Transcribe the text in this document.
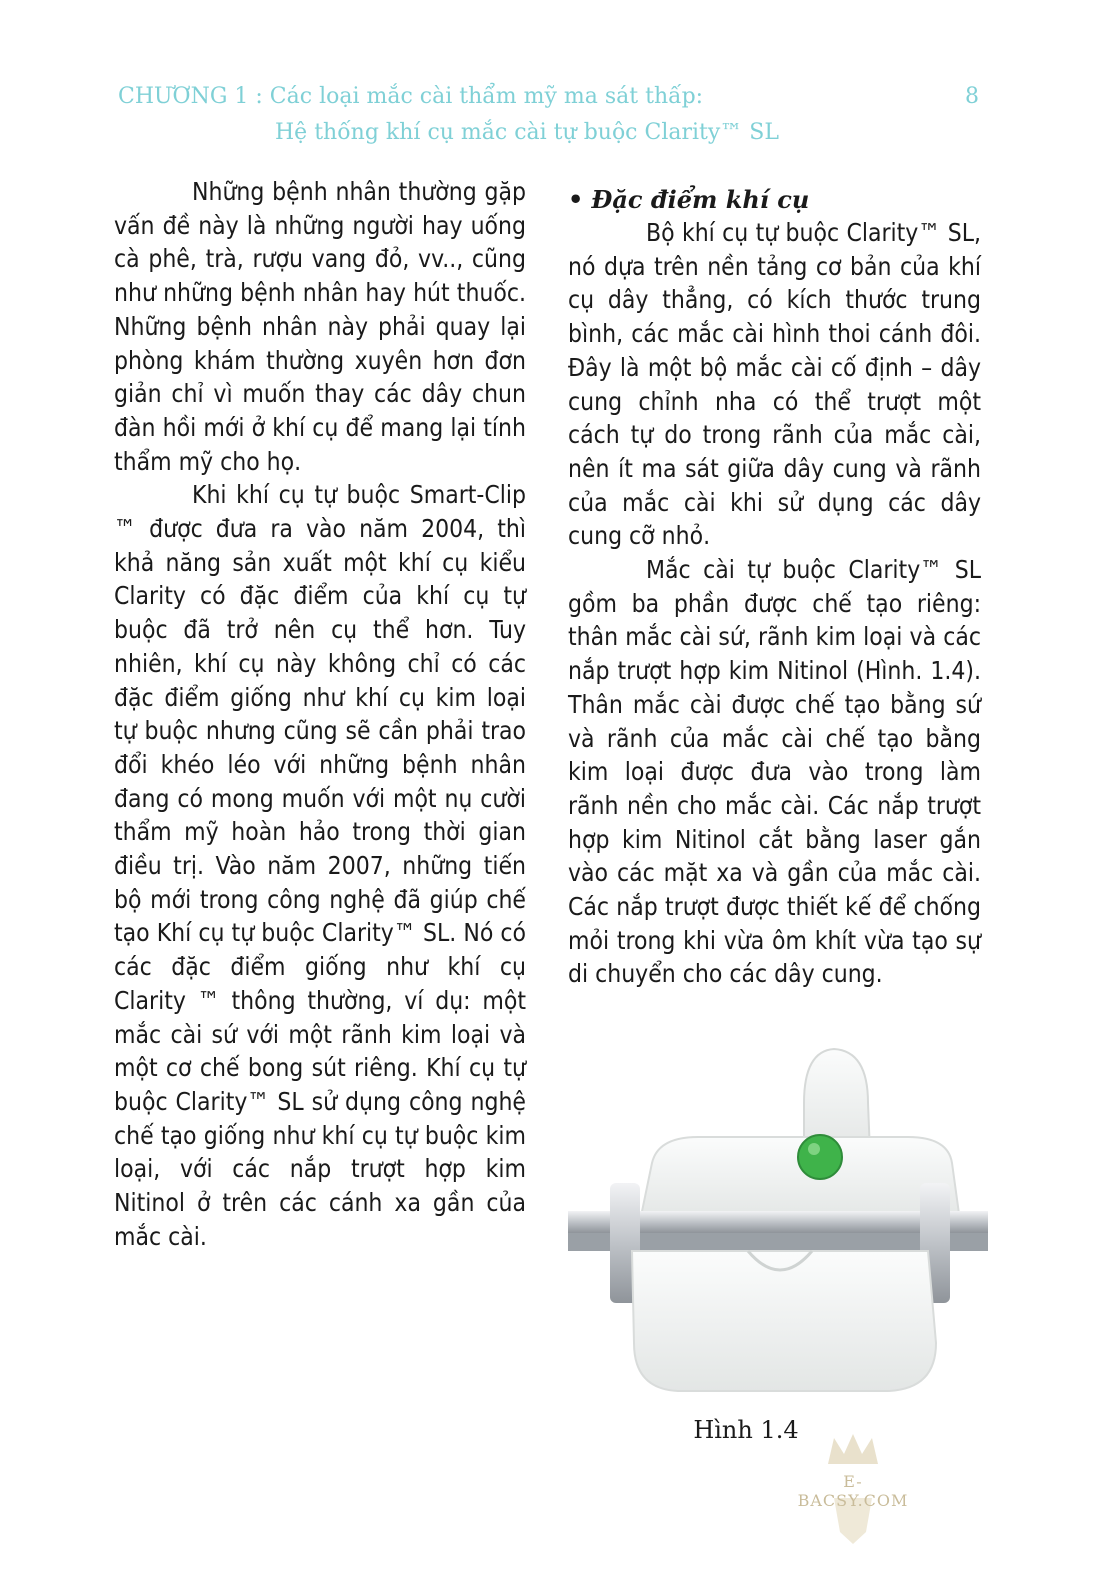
CHƯƠNG 1 : Các loại mắc cài thẩm mỹ ma sát thấp:
Hệ thống khí cụ mắc cài tự buộc Clarity™ SL
8

Những bệnh nhân thường gặp vấn đề này là những người hay uống cà phê, trà, rượu vang đỏ, vv.., cũng như những bệnh nhân hay hút thuốc. Những bệnh nhân này phải quay lại phòng khám thường xuyên hơn đơn giản chỉ vì muốn thay các dây chun đàn hồi mới ở khí cụ để mang lại tính thẩm mỹ cho họ.

Khi khí cụ tự buộc Smart-Clip ™ được đưa ra vào năm 2004, thì khả năng sản xuất một khí cụ kiểu Clarity có đặc điểm của khí cụ tự buộc đã trở nên cụ thể hơn. Tuy nhiên, khí cụ này không chỉ có các đặc điểm giống như khí cụ kim loại tự buộc nhưng cũng sẽ cần phải trao đổi khéo léo với những bệnh nhân đang có mong muốn với một nụ cười thẩm mỹ hoàn hảo trong thời gian điều trị. Vào năm 2007, những tiến bộ mới trong công nghệ đã giúp chế tạo Khí cụ tự buộc Clarity™ SL. Nó có các đặc điểm giống như khí cụ Clarity ™ thông thường, ví dụ: một mắc cài sứ với một rãnh kim loại và một cơ chế bong sút riêng. Khí cụ tự buộc Clarity™ SL sử dụng công nghệ chế tạo giống như khí cụ tự buộc kim loại, với các nắp trượt hợp kim Nitinol ở trên các cánh xa gần của mắc cài.

• Đặc điểm khí cụ

Bộ khí cụ tự buộc Clarity™ SL, nó dựa trên nền tảng cơ bản của khí cụ dây thẳng, có kích thước trung bình, các mắc cài hình thoi cánh đôi. Đây là một bộ mắc cài cố định – dây cung chỉnh nha có thể trượt một cách tự do trong rãnh của mắc cài, nên ít ma sát giữa dây cung và rãnh của mắc cài khi sử dụng các dây cung cỡ nhỏ.

Mắc cài tự buộc Clarity™ SL gồm ba phần được chế tạo riêng: thân mắc cài sứ, rãnh kim loại và các nắp trượt hợp kim Nitinol (Hình. 1.4). Thân mắc cài được chế tạo bằng sứ và rãnh của mắc cài chế tạo bằng kim loại được đưa vào trong làm rãnh nền cho mắc cài. Các nắp trượt hợp kim Nitinol cắt bằng laser gắn vào các mặt xa và gần của mắc cài. Các nắp trượt được thiết kế để chống mỏi trong khi vừa ôm khít vừa tạo sự di chuyển cho các dây cung.

Hình 1.4
E-BACSY.COM
